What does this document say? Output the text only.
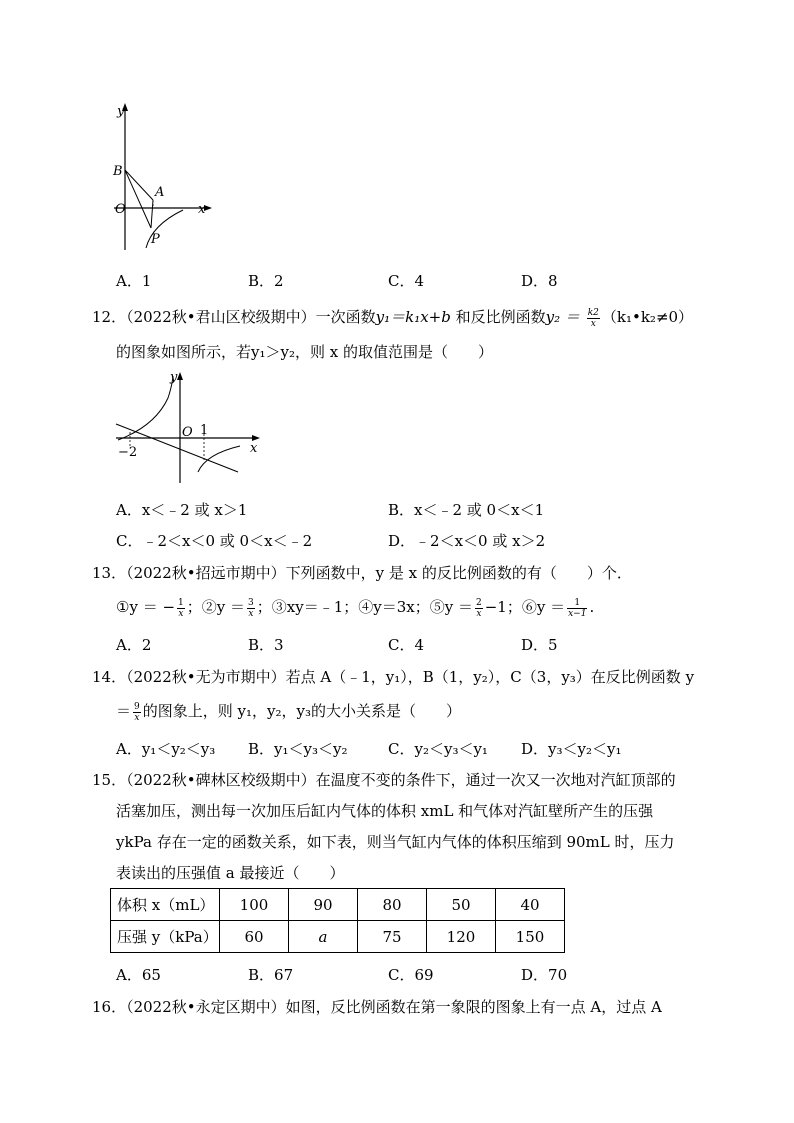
y
x
O
B
A
P
A．1	B．2	C．4	D．8
12．（2022秋•君山区校级期中）一次函数y₁＝k₁x+b 和反比例函数$y_2 = \frac{k2}{x}$ （k₁•k₂≠0）
的图象如图所示，若y₁＞y₂，则 x 的取值范围是（　　）
y
x
O 1
−2
A．x＜﹣2 或 x＞1	B．x＜﹣2 或 0＜x＜1
C．﹣2＜x＜0 或 0＜x＜﹣2	D．﹣2＜x＜0 或 x＞2
13．（2022秋•招远市期中）下列函数中，y 是 x 的反比例函数的有（　　）个．
①y ＝ − $\frac{1}{x}$ ；②y ＝ $\frac{3}{x}$ ；③xy＝﹣1；④y＝3x；⑤y ＝ $\frac{2}{x} -1$；⑥y ＝ $\frac{1}{x-1}$ .
A．2	B．3	C．4	D．5
14．（2022秋•无为市期中）若点 A（﹣1，y₁），B（1，y₂），C（3，y₃）在反比例函数 y
＝ $\frac{9}{x}$ 的图象上，则 y₁，y₂，y₃的大小关系是（　　）
A．y₁＜y₂＜y₃ B．y₁＜y₃＜y₂	C．y₂＜y₃＜y₁ D．y₃＜y₂＜y₁
15．（2022秋•碑林区校级期中）在温度不变的条件下，通过一次又一次地对汽缸顶部的
活塞加压，测出每一次加压后缸内气体的体积 xmL 和气体对汽缸壁所产生的压强
ykPa 存在一定的函数关系，如下表，则当气缸内气体的体积压缩到 90mL 时，压力
表读出的压强值 a 最接近（　　）
体积 x（mL）	100	90	80	50	40
压强 y（kPa）	60	a	75	120	150
A．65	B．67	C．69	D．70
16．（2022秋•永定区期中）如图，反比例函数在第一象限的图象上有一点 A，过点 A
